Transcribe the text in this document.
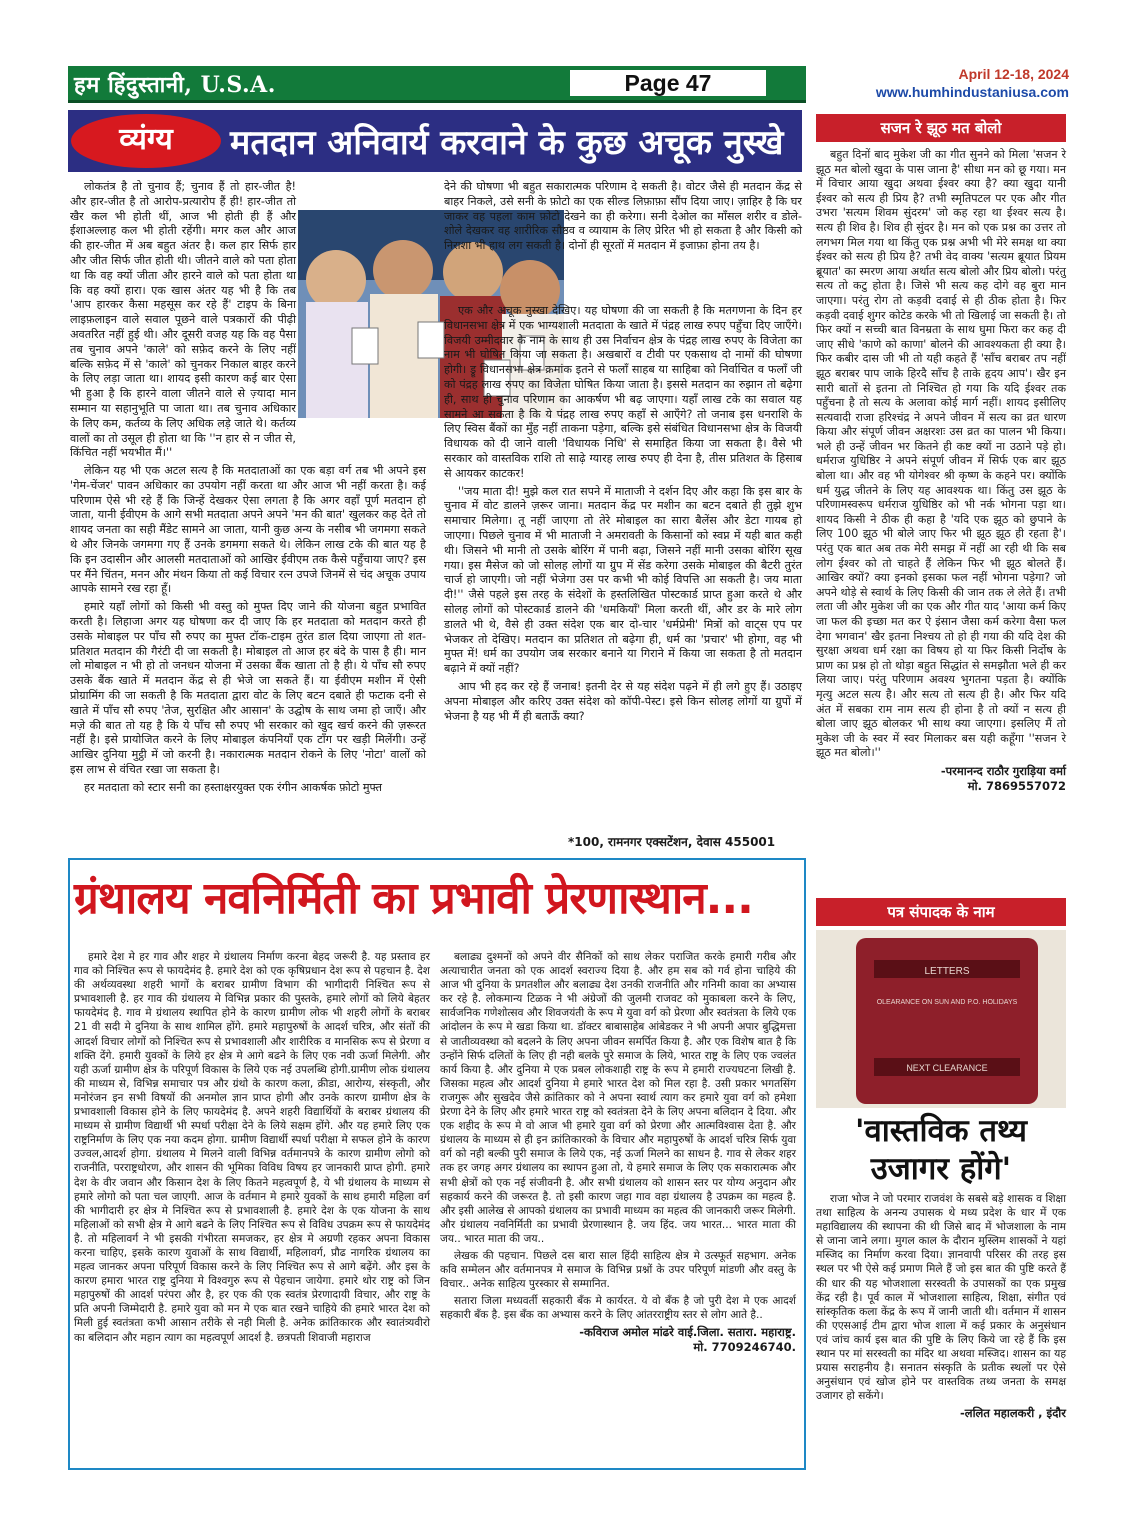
हम हिंदुस्तानी, U.S.A.	Page 47	April 12-18, 2024
www.humhindustaniusa.com
व्यंग्य	मतदान अनिवार्य करवाने के कुछ अचूक नुस्खे

लोकतंत्र है तो चुनाव हैं; चुनाव हैं तो हार-जीत है! और हार-जीत है तो आरोप-प्रत्यारोप हैं ही! हार-जीत तो खैर कल भी होती थीं, आज भी होती ही हैं और ईशाअल्लाह कल भी होती रहेंगी। मगर कल और आज की हार-जीत में अब बहुत अंतर है। कल हार सिर्फ हार और जीत सिर्फ जीत होती थी। जीतने वाले को पता होता था कि वह क्यों जीता और हारने वाले को पता होता था कि वह क्यों हारा। एक खास अंतर यह भी है कि तब 'आप हारकर कैसा महसूस कर रहे हैं' टाइप के बिना लाइफ़लाइन वाले सवाल पूछने वाले पत्रकारों की पीढ़ी अवतरित नहीं हुई थी। और दूसरी वजह यह कि वह पैसा तब चुनाव अपने 'काले' को सफ़ेद करने के लिए नहीं बल्कि सफ़ेद में से 'काले' को चुनकर निकाल बाहर करने के लिए लड़ा जाता था। शायद इसी कारण कई बार ऐसा भी हुआ है कि हारने वाला जीतने वाले से ज़्यादा मान सम्मान या सहानुभूति पा जाता था। तब चुनाव अधिकार के लिए कम, कर्तव्य के लिए अधिक लड़े जाते थे। कर्तव्य वालों का तो उसूल ही होता था कि ''न हार से न जीत से, किंचित नहीं भयभीत मैं।''

लेकिन यह भी एक अटल सत्य है कि मतदाताओं का एक बड़ा वर्ग तब भी अपने इस 'गेम-चेंजर' पावन अधिकार का उपयोग नहीं करता था और आज भी नहीं करता है। कई परिणाम ऐसे भी रहे हैं कि जिन्हें देखकर ऐसा लगता है कि अगर वहाँ पूर्ण मतदान हो जाता, यानी ईवीएम के आगे सभी मतदाता अपने अपने 'मन की बात' खुलकर कह देते तो शायद जनता का सही मैंडेट सामने आ जाता, यानी कुछ अन्य के नसीब भी जगमगा सकते थे और जिनके जगमगा गए हैं उनके डगमगा सकते थे। लेकिन लाख टके की बात यह है कि इन उदासीन और आलसी मतदाताओं को आखिर ईवीएम तक कैसे पहुँचाया जाए? इस पर मैंने चिंतन, मनन और मंथन किया तो कई विचार रत्न उपजे जिनमें से चंद अचूक उपाय आपके सामने रख रहा हूँ।

हमारे यहाँ लोगों को किसी भी वस्तु को मुफ्त दिए जाने की योजना बहुत प्रभावित करती है। लिहाजा अगर यह घोषणा कर दी जाए कि हर मतदाता को मतदान करते ही उसके मोबाइल पर पाँच सौ रुपए का मुफ्त टॉक-टाइम तुरंत डाल दिया जाएगा तो शत-प्रतिशत मतदान की गैरंटी दी जा सकती है। मोबाइल तो आज हर बंदे के पास है ही। मान लो मोबाइल न भी हो तो जनधन योजना में उसका बैंक खाता तो है ही। ये पाँच सौ रुपए उसके बैंक खाते में मतदान केंद्र से ही भेजे जा सकते हैं। या ईवीएम मशीन में ऐसी प्रोग्रामिंग की जा सकती है कि मतदाता द्वारा वोट के लिए बटन दबाते ही फटाक दनी से खाते में पाँच सौ रुपए 'तेज, सुरक्षित और आसान' के उद्घोष के साथ जमा हो जाएँ। और मज़े की बात तो यह है कि ये पाँच सौ रुपए भी सरकार को खुद खर्च करने की ज़रूरत नहीं है। इसे प्रायोजित करने के लिए मोबाइल कंपनियाँ एक टाँग पर खड़ी मिलेंगी। उन्हें आखिर दुनिया मुट्ठी में जो करनी है। नकारात्मक मतदान रोकने के लिए 'नोटा' वालों को इस लाभ से वंचित रखा जा सकता है।

हर मतदाता को स्टार सनी का हस्ताक्षरयुक्त एक रंगीन आकर्षक फ़ोटो मुफ्त

देने की घोषणा भी बहुत सकारात्मक परिणाम दे सकती है। वोटर जैसे ही मतदान केंद्र से बाहर निकले, उसे सनी के फ़ोटो का एक सील्ड लिफ़ाफ़ा सौंप दिया जाए। ज़ाहिर है कि घर जाकर वह पहला काम फ़ोटो देखने का ही करेगा। सनी देओल का माँसल शरीर व डोले-शोले देखकर वह शारीरिक सौष्ठव व व्यायाम के लिए प्रेरित भी हो सकता है और किसी को निराशा भी हाथ लग सकती है। दोनों ही सूरतों में मतदान में इजाफ़ा होना तय है।

एक और अचूक नुस्खा देखिए। यह घोषणा की जा सकती है कि मतगणना के दिन हर विधानसभा क्षेत्र में एक भाग्यशाली मतदाता के खाते में पंद्रह लाख रुपए पहुँचा दिए जाएँगे। विजयी उम्मीदवार के नाम के साथ ही उस निर्वाचन क्षेत्र के पंद्रह लाख रुपए के विजेता का नाम भी घोषित किया जा सकता है। अखबारों व टीवी पर एकसाथ दो नामों की घोषणा होगी। ड्रू विधानसभा क्षेत्र क्रमांक इतने से फलाँ साहब या साहिबा को निर्वाचित व फलाँ जी को पंद्रह लाख रुपए का विजेता घोषित किया जाता है। इससे मतदान का रुझान तो बढ़ेगा ही, साथ ही चुनाव परिणाम का आकर्षण भी बढ़ जाएगा। यहाँ लाख टके का सवाल यह सामने आ सकता है कि ये पंद्रह लाख रुपए कहाँ से आएँगे? तो जनाब इस धनराशि के लिए स्विस बैंकों का मुँह नहीं ताकना पड़ेगा, बल्कि इसे संबंधित विधानसभा क्षेत्र के विजयी विधायक को दी जाने वाली 'विधायक निधि' से समाहित किया जा सकता है। वैसे भी सरकार को वास्तविक राशि तो साढ़े ग्यारह लाख रुपए ही देना है, तीस प्रतिशत के हिसाब से आयकर काटकर!

''जय माता दी! मुझे कल रात सपने में माताजी ने दर्शन दिए और कहा कि इस बार के चुनाव में वोट डालने ज़रूर जाना। मतदान केंद्र पर मशीन का बटन दबाते ही तुझे शुभ समाचार मिलेगा। तू नहीं जाएगा तो तेरे मोबाइल का सारा बैलेंस और डेटा गायब हो जाएगा। पिछले चुनाव में भी माताजी ने अमरावती के किसानों को स्वप्न में यही बात कही थी। जिसने भी मानी तो उसके बोरिंग में पानी बढ़ा, जिसने नहीं मानी उसका बोरिंग सूख गया। इस मैसेज को जो सोलह लोगों या ग्रुप में सेंड करेगा उसके मोबाइल की बैटरी तुरंत चार्ज हो जाएगी। जो नहीं भेजेगा उस पर कभी भी कोई विपत्ति आ सकती है। जय माता दी!'' जैसे पहले इस तरह के संदेशों के हस्तलिखित पोस्टकार्ड प्राप्त हुआ करते थे और सोलह लोगों को पोस्टकार्ड डालने की 'धमकियाँ' मिला करती थीं, और डर के मारे लोग डालते भी थे, वैसे ही उक्त संदेश एक बार दो-चार 'धर्मप्रेमी' मित्रों को वाट्स एप पर भेजकर तो देखिए। मतदान का प्रतिशत तो बढ़ेगा ही, धर्म का 'प्रचार' भी होगा, वह भी मुफ्त में! धर्म का उपयोग जब सरकार बनाने या गिराने में किया जा सकता है तो मतदान बढ़ाने में क्यों नहीं?

आप भी हद कर रहे हैं जनाब! इतनी देर से यह संदेश पढ़ने में ही लगे हुए हैं। उठाइए अपना मोबाइल और करिए उक्त संदेश को कॉपी-पेस्ट। इसे किन सोलह लोगों या ग्रुपों में भेजना है यह भी मैं ही बताऊँ क्या?

*100, रामनगर एक्सटेंशन, देवास 455001
सजन रे झूठ मत बोलो

बहुत दिनों बाद मुकेश जी का गीत सुनने को मिला 'सजन रे झूठ मत बोलो खुदा के पास जाना है' सीधा मन को छू गया। मन में विचार आया खुदा अथवा ईश्वर क्या है? क्या खुदा यानी ईश्वर को सत्य ही प्रिय है? तभी स्मृतिपटल पर एक और गीत उभरा 'सत्यम शिवम सुंदरम' जो कह रहा था ईश्वर सत्य है। सत्य ही शिव है। शिव ही सुंदर है। मन को एक प्रश्न का उत्तर तो लगभग मिल गया था किंतु एक प्रश्न अभी भी मेरे समक्ष था क्या ईश्वर को सत्य ही प्रिय है? तभी वेद वाक्य 'सत्यम ब्रूयात प्रियम ब्रूयात' का स्मरण आया अर्थात सत्य बोलो और प्रिय बोलो। परंतु सत्य तो कटु होता है। जिसे भी सत्य कह दोगे वह बुरा मान जाएगा। परंतु रोग तो कड़वी दवाई से ही ठीक होता है। फिर कड़वी दवाई शुगर कोटेड करके भी तो खिलाई जा सकती है। तो फिर क्यों न सच्ची बात विनम्रता के साथ घुमा फिरा कर कह दी जाए सीधे 'काणे को काणा' बोलने की आवश्यकता ही क्या है। फिर कबीर दास जी भी तो यही कहते हैं 'साँच बराबर तप नहीं झूठ बराबर पाप जाके हिरदै साँच है ताके हृदय आप'। खैर इन सारी बातों से इतना तो निश्चित हो गया कि यदि ईश्वर तक पहुँचना है तो सत्य के अलावा कोई मार्ग नहीं। शायद इसीलिए सत्यवादी राजा हरिश्चंद्र ने अपने जीवन में सत्य का व्रत धारण किया और संपूर्ण जीवन अक्षरशः उस व्रत का पालन भी किया। भले ही उन्हें जीवन भर कितने ही कष्ट क्यों ना उठाने पड़े हो। धर्मराज युधिष्ठिर ने अपने संपूर्ण जीवन में सिर्फ एक बार झूठ बोला था। और वह भी योगेश्वर श्री कृष्ण के कहने पर। क्योंकि धर्म युद्ध जीतने के लिए यह आवश्यक था। किंतु उस झूठ के परिणामस्वरूप धर्मराज युधिष्ठिर को भी नर्क भोगना पड़ा था। शायद किसी ने ठीक ही कहा है 'यदि एक झूठ को छुपाने के लिए 100 झूठ भी बोले जाए फिर भी झूठ झूठ ही रहता है'। परंतु एक बात अब तक मेरी समझ में नहीं आ रही थी कि सब लोग ईश्वर को तो चाहते हैं लेकिन फिर भी झूठ बोलते हैं। आखिर क्यों? क्या इनको इसका फल नहीं भोगना पड़ेगा? जो अपने थोड़े से स्वार्थ के लिए किसी की जान तक ले लेते हैं। तभी लता जी और मुकेश जी का एक और गीत याद 'आया कर्म किए जा फल की इच्छा मत कर ऐ इंसान जैसा कर्म करेगा वैसा फल देगा भगवान' खैर इतना निश्चय तो हो ही गया की यदि देश की सुरक्षा अथवा धर्म रक्षा का विषय हो या फिर किसी निर्दोष के प्राण का प्रश्न हो तो थोड़ा बहुत सिद्धांत से समझौता भले ही कर लिया जाए। परंतु परिणाम अवश्य भुगतना पड़ता है। क्योंकि मृत्यु अटल सत्य है। और सत्य तो सत्य ही है। और फिर यदि अंत में सबका राम नाम सत्य ही होना है तो क्यों न सत्य ही बोला जाए झूठ बोलकर भी साथ क्या जाएगा। इसलिए मैं तो मुकेश जी के स्वर में स्वर मिलाकर बस यही कहूँगा ''सजन रे झूठ मत बोलो।''

-परमानन्द राठौर गुराड़िया वर्मा
मो. 7869557072
ग्रंथालय नवनिर्मिती का प्रभावी प्रेरणास्थान...

हमारे देश मे हर गाव और शहर मे ग्रंथालय निर्माण करना बेहद जरूरी है. यह प्रस्ताव हर गाव को निश्चित रूप से फायदेमंद है. हमारे देश को एक कृषिप्रधान देश रूप से पहचान है. देश की अर्थव्यवस्था शहरी भागों के बराबर ग्रामीण विभाग की भागीदारी निश्चित रूप से प्रभावशाली है. हर गाव की ग्रंथालय मे विभिन्न प्रकार की पुस्तके, हमारे लोगों को लिये बेहतर फायदेमंद है. गाव मे ग्रंथालय स्थापित होने के कारण ग्रामीण लोक भी शहरी लोगों के बराबर 21 वी सदी मे दुनिया के साथ शामिल होंगे. हमारे महापुरुषों के आदर्श चरित्र, और संतों की आदर्श विचार लोगों को निश्चित रूप से प्रभावशाली और शारीरिक व मानसिक रूप से प्रेरणा व शक्ति देंगे. हमारी युवकों के लिये हर क्षेत्र मे आगे बढने के लिए एक नवी ऊर्जा मिलेगी. और यही ऊर्जा ग्रामीण क्षेत्र के परिपूर्ण विकास के लिये एक नई उपलब्धि होगी.ग्रामीण लोक ग्रंथालय की माध्यम से, विभिन्न समाचार पत्र और ग्रंथो के कारण कला, क्रीडा, आरोग्य, संस्कृती, और मनोरंजन इन सभी विषयों की अनमोल ज्ञान प्राप्त होगी और उनके कारण ग्रामीण क्षेत्र के प्रभावशाली विकास होने के लिए फायदेमंद है. अपने शहरी विद्यार्थियों के बराबर ग्रंथालय की माध्यम से ग्रामीण विद्यार्थी भी स्पर्धा परीक्षा देने के लिये सक्षम होंगे. और यह हमारे लिए एक राष्ट्रनिर्माण के लिए एक नया कदम होगा. ग्रामीण विद्यार्थी स्पर्धा परीक्षा मे सफल होने के कारण उज्वल,आदर्श होगा. ग्रंथालय मे मिलने वाली विभिन्न वर्तमानपत्रे के कारण ग्रामीण लोगो को राजनीति, परराष्ट्रधोरण, और शासन की भूमिका विविध विषय हर जानकारी प्राप्त होगी. हमारे देश के वीर जवान और किसान देश के लिए कितने महत्वपूर्ण है, ये भी ग्रंथालय के माध्यम से हमारे लोगो को पता चल जाएगी. आज के वर्तमान मे हमारे युवकों के साथ हमारी महिला वर्ग की भागीदारी हर क्षेत्र मे निश्चित रूप से प्रभावशाली है. हमारे देश के एक योजना के साथ महिलाओं को सभी क्षेत्र मे आगे बढने के लिए निश्चित रूप से विविध उपक्रम रूप से फायदेमंद है. तो महिलावर्ग ने भी इसकी गंभीरता समजकर, हर क्षेत्र मे अग्रणी रहकर अपना विकास करना चाहिए, इसके कारण युवाओं के साथ विद्यार्थी, महिलावर्ग, प्रौढ नागरिक ग्रंथालय का महत्व जानकर अपना परिपूर्ण विकास करने के लिए निश्चित रूप से आगे बढ़ेंगे. और इस के कारण हमारा भारत राष्ट्र दुनिया मे विश्वगुरु रूप से पेहचान जायेगा. हमारे थोर राष्ट्र को जिन महापुरुषों की आदर्श परंपरा और है, हर एक की एक स्वतंत्र प्रेरणादायी विचार, और राष्ट्र के प्रति अपनी जिम्मेदारी है. हमारे युवा को मन मे एक बात रखने चाहिये की हमारे भारत देश को मिली हुई स्वतंत्रता कभी आसान तरीके से नही मिली है. अनेक क्रांतिकारक और स्वातंत्र्यवीरो का बलिदान और महान त्याग का महत्वपूर्ण आदर्श है. छत्रपती शिवाजी महाराज

बलाढ्य दुश्मनों को अपने वीर सैनिकों को साथ लेकर पराजित करके हमारी गरीब और अत्याचारीत जनता को एक आदर्श स्वराज्य दिया है. और हम सब को गर्व होना चाहिये की आज भी दुनिया के प्रगतशील और बलाढ्य देश उनकी राजनीति और गनिमी कावा का अभ्यास कर रहे है. लोकमान्य टिळक ने भी अंग्रेजों की जुलमी राजवट को मुकाबला करने के लिए, सार्वजनिक गणेशोत्सव और शिवजयंती के रूप मे युवा वर्ग को प्रेरणा और स्वतंत्रता के लिये एक आंदोलन के रूप मे खडा किया था. डॉक्टर बाबासाहेब आंबेडकर ने भी अपनी अपार बुद्धिमत्ता से जातीव्यवस्था को बदलने के लिए अपना जीवन समर्पित किया है. और एक विशेष बात है कि उन्होंने सिर्फ दलितों के लिए ही नही बलके पुरे समाज के लिये, भारत राष्ट्र के लिए एक ज्वलंत कार्य किया है. और दुनिया मे एक प्रबल लोकशाही राष्ट्र के रूप मे हमारी राज्यघटना लिखी है. जिसका महत्व और आदर्श दुनिया मे हमारे भारत देश को मिल रहा है. उसी प्रकार भगतसिंग राजगुरू और सुखदेव जैसे क्रांतिकार को ने अपना स्वार्थ त्याग कर हमारे युवा वर्ग को हमेशा प्रेरणा देने के लिए और हमारे भारत राष्ट्र को स्वतंत्रता देने के लिए अपना बलिदान दे दिया. और एक शहीद के रूप मे वो आज भी हमारे युवा वर्ग को प्रेरणा और आत्मविश्वास देता है. और ग्रंथालय के माध्यम से ही इन क्रांतिकारको के विचार और महापुरुषों के आदर्श चरित्र सिर्फ युवा वर्ग को नही बल्की पुरी समाज के लिये एक, नई ऊर्जा मिलने का साधन है. गाव से लेकर शहर तक हर जगह अगर ग्रंथालय का स्थापन हुआ तो, ये हमारे समाज के लिए एक सकारात्मक और सभी क्षेत्रों को एक नई संजीवनी है. और सभी ग्रंथालय को शासन स्तर पर योग्य अनुदान और सहकार्य करने की जरूरत है. तो इसी कारण जहा गाव वहा ग्रंथालय है उपक्रम का महत्व है. और इसी आलेख से आपको ग्रंथालय का प्रभावी माध्यम का महत्व की जानकारी जरूर मिलेगी. और ग्रंथालय नवनिर्मिती का प्रभावी प्रेरणास्थान है. जय हिंद. जय भारत... भारत माता की जय.. भारत माता की जय..

लेखक की पहचान. पिछले दस बारा साल हिंदी साहित्य क्षेत्र मे उत्स्फूर्त सहभाग. अनेक कवि सम्मेलन और वर्तमानपत्र मे समाज के विभिन्न प्रश्नों के उपर परिपूर्ण मांडणी और वस्तु के विचार.. अनेक साहित्य पुरस्कार से सम्मानित.

सतारा जिला मध्यवर्ती सहकारी बँक मे कार्यरत. ये वो बँक है जो पुरी देश मे एक आदर्श सहकारी बँक है. इस बँक का अभ्यास करने के लिए आंतरराष्ट्रीय स्तर से लोग आते है..

-कविराज अमोल मांढरे वाई.जिला. सतारा. महाराष्ट्र.
मो. 7709246740.
पत्र संपादक के नाम
LETTERS
OLEARANCE ON SUN AND P.O. HOLIDAYS
NEXT CLEARANCE
'वास्तविक तथ्य उजागर होंगे'

राजा भोज ने जो परमार राजवंश के सबसे बड़े शासक व शिक्षा तथा साहित्य के अनन्य उपासक थे मध्य प्रदेश के धार में एक महाविद्यालय की स्थापना की थी जिसे बाद में भोजशाला के नाम से जाना जाने लगा। मुगल काल के दौरान मुस्लिम शासकों ने यहां मस्जिद का निर्माण करवा दिया। ज्ञानवापी परिसर की तरह इस स्थल पर भी ऐसे कई प्रमाण मिले हैं जो इस बात की पुष्टि करते हैं की धार की यह भोजशाला सरस्वती के उपासकों का एक प्रमुख केंद्र रही है। पूर्व काल में भोजशाला साहित्य, शिक्षा, संगीत एवं सांस्कृतिक कला केंद्र के रूप में जानी जाती थी। वर्तमान में शासन की एएसआई टीम द्वारा भोज शाला में कई प्रकार के अनुसंधान एवं जांच कार्य इस बात की पुष्टि के लिए किये जा रहे हैं कि इस स्थान पर मां सरस्वती का मंदिर था अथवा मस्जिद। शासन का यह प्रयास सराहनीय है। सनातन संस्कृति के प्रतीक स्थलों पर ऐसे अनुसंधान एवं खोज होने पर वास्तविक तथ्य जनता के समक्ष उजागर हो सकेंगे।

-ललित महालकरी , इंदौर
